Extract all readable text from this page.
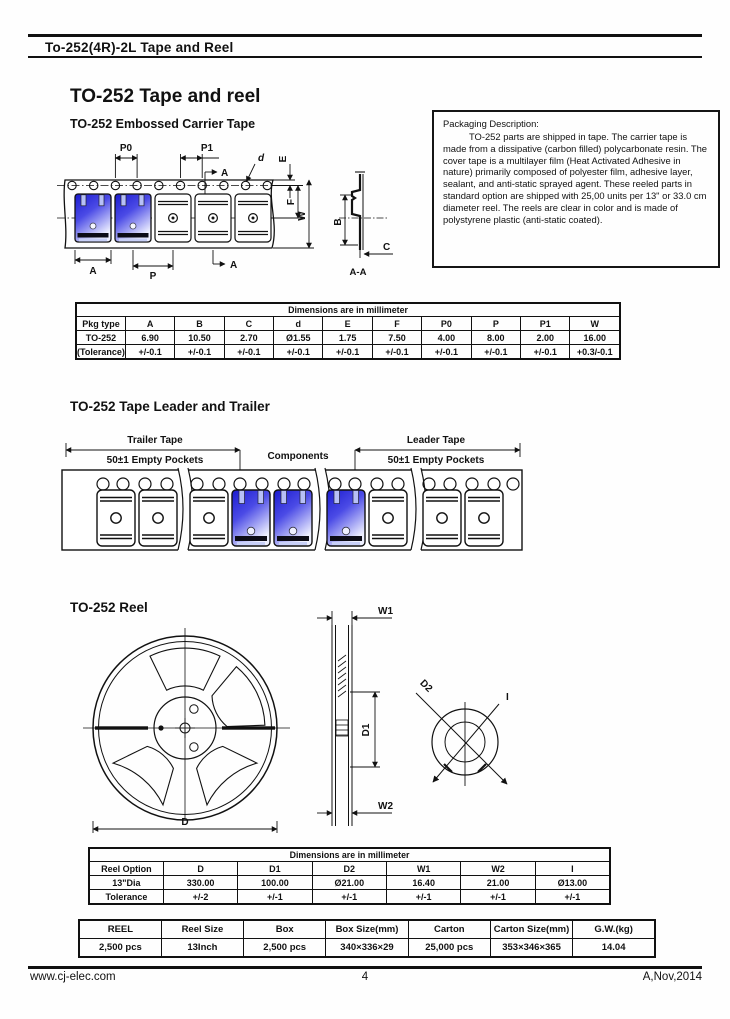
To-252(4R)-2L Tape and Reel
TO-252 Tape and reel
TO-252 Embossed Carrier Tape	Packaging Description:
TO-252 parts are shipped in tape. The carrier tape is made from a dissipative (carbon filled) polycarbonate resin. The cover tape is a multilayer film (Heat Activated Adhesive in nature) primarily composed of polyester film, adhesive layer, sealant, and anti-static sprayed agent. These reeled parts in standard option are shipped with 25,00 units per 13" or 33.0 cm diameter reel. The reels are clear in color and is made of polystyrene plastic (anti-static coated).
P0	P1
A
d E
F
W
A	P
A
B
C
A-A
Dimensions are in millimeter										
Pkg type	A	B	C	d	E	F	P0	P	P1	W
TO-252	6.90	10.50	2.70	Ø1.55	1.75	7.50	4.00	8.00	2.00	16.00
(Tolerance)	+/-0.1	+/-0.1	+/-0.1	+/-0.1	+/-0.1	+/-0.1	+/-0.1	+/-0.1	+/-0.1	+0.3/-0.1
TO-252 Tape Leader and Trailer
Trailer Tape
50±1 Empty Pockets	Components
Leader Tape
50±1 Empty Pockets
TO-252 Reel
D
W1
W2
D1
D2
I
Dimensions are in millimeter						
Reel Option	D	D1	D2	W1	W2	I
13"Dia	330.00	100.00	Ø21.00	16.40	21.00	Ø13.00
Tolerance	+/-2	+/-1	+/-1	+/-1	+/-1	+/-1
REEL	Reel Size	Box	Box Size(mm)	Carton	Carton Size(mm)	G.W.(kg)
2,500 pcs	13Inch	2,500 pcs	340×336×29	25,000 pcs	353×346×365	14.04
www.cj-elec.com	4	A,Nov,2014
